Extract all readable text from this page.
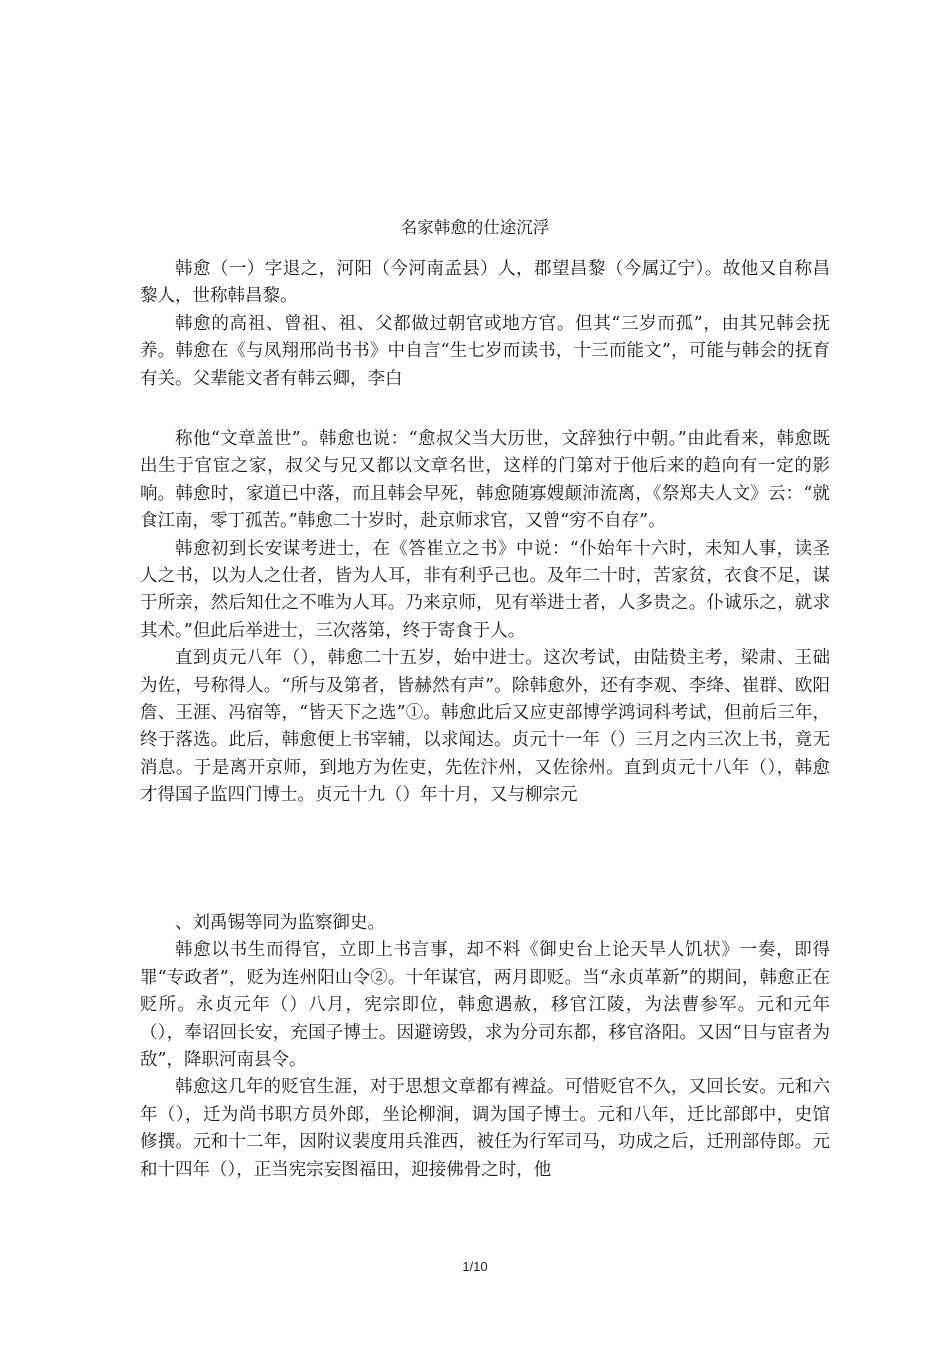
名家韩愈的仕途沉浮

韩愈（一）字退之，河阳（今河南孟县）人，郡望昌黎（今属辽宁）。故他又自称昌黎人，世称韩昌黎。

韩愈的高祖、曾祖、祖、父都做过朝官或地方官。但其“三岁而孤”，由其兄韩会抚养。韩愈在《与凤翔邢尚书书》中自言“生七岁而读书，十三而能文”，可能与韩会的抚育有关。父辈能文者有韩云卿，李白

称他“文章盖世”。韩愈也说：“愈叔父当大历世，文辞独行中朝。”由此看来，韩愈既出生于官宦之家，叔父与兄又都以文章名世，这样的门第对于他后来的趋向有一定的影响。韩愈时，家道已中落，而且韩会早死，韩愈随寡嫂颠沛流离，《祭郑夫人文》云：“就食江南，零丁孤苦。”韩愈二十岁时，赴京师求官，又曾“穷不自存”。

韩愈初到长安谋考进士，在《答崔立之书》中说：“仆始年十六时，未知人事，读圣人之书，以为人之仕者，皆为人耳，非有利乎己也。及年二十时，苦家贫，衣食不足，谋于所亲，然后知仕之不唯为人耳。乃来京师，见有举进士者，人多贵之。仆诚乐之，就求其术。”但此后举进士，三次落第，终于寄食于人。

直到贞元八年（），韩愈二十五岁，始中进士。这次考试，由陆贽主考，梁肃、王础为佐，号称得人。“所与及第者，皆赫然有声”。除韩愈外，还有李观、李绛、崔群、欧阳詹、王涯、冯宿等，“皆天下之选”①。韩愈此后又应吏部博学鸿词科考试，但前后三年，终于落选。此后，韩愈便上书宰辅，以求闻达。贞元十一年（）三月之内三次上书，竟无消息。于是离开京师，到地方为佐吏，先佐汴州，又佐徐州。直到贞元十八年（），韩愈才得国子监四门博士。贞元十九（）年十月，又与柳宗元

、刘禹锡等同为监察御史。

韩愈以书生而得官，立即上书言事，却不料《御史台上论天旱人饥状》一奏，即得罪“专政者”，贬为连州阳山令②。十年谋官，两月即贬。当“永贞革新”的期间，韩愈正在贬所。永贞元年（）八月，宪宗即位，韩愈遇赦，移官江陵，为法曹参军。元和元年（），奉诏回长安，充国子博士。因避谤毁，求为分司东都，移官洛阳。又因“日与宦者为敌”，降职河南县令。

韩愈这几年的贬官生涯，对于思想文章都有裨益。可惜贬官不久，又回长安。元和六年（），迁为尚书职方员外郎，坐论柳涧，调为国子博士。元和八年，迁比部郎中，史馆修撰。元和十二年，因附议裴度用兵淮西，被任为行军司马，功成之后，迁刑部侍郎。元和十四年（），正当宪宗妄图福田，迎接佛骨之时，他

1/10
